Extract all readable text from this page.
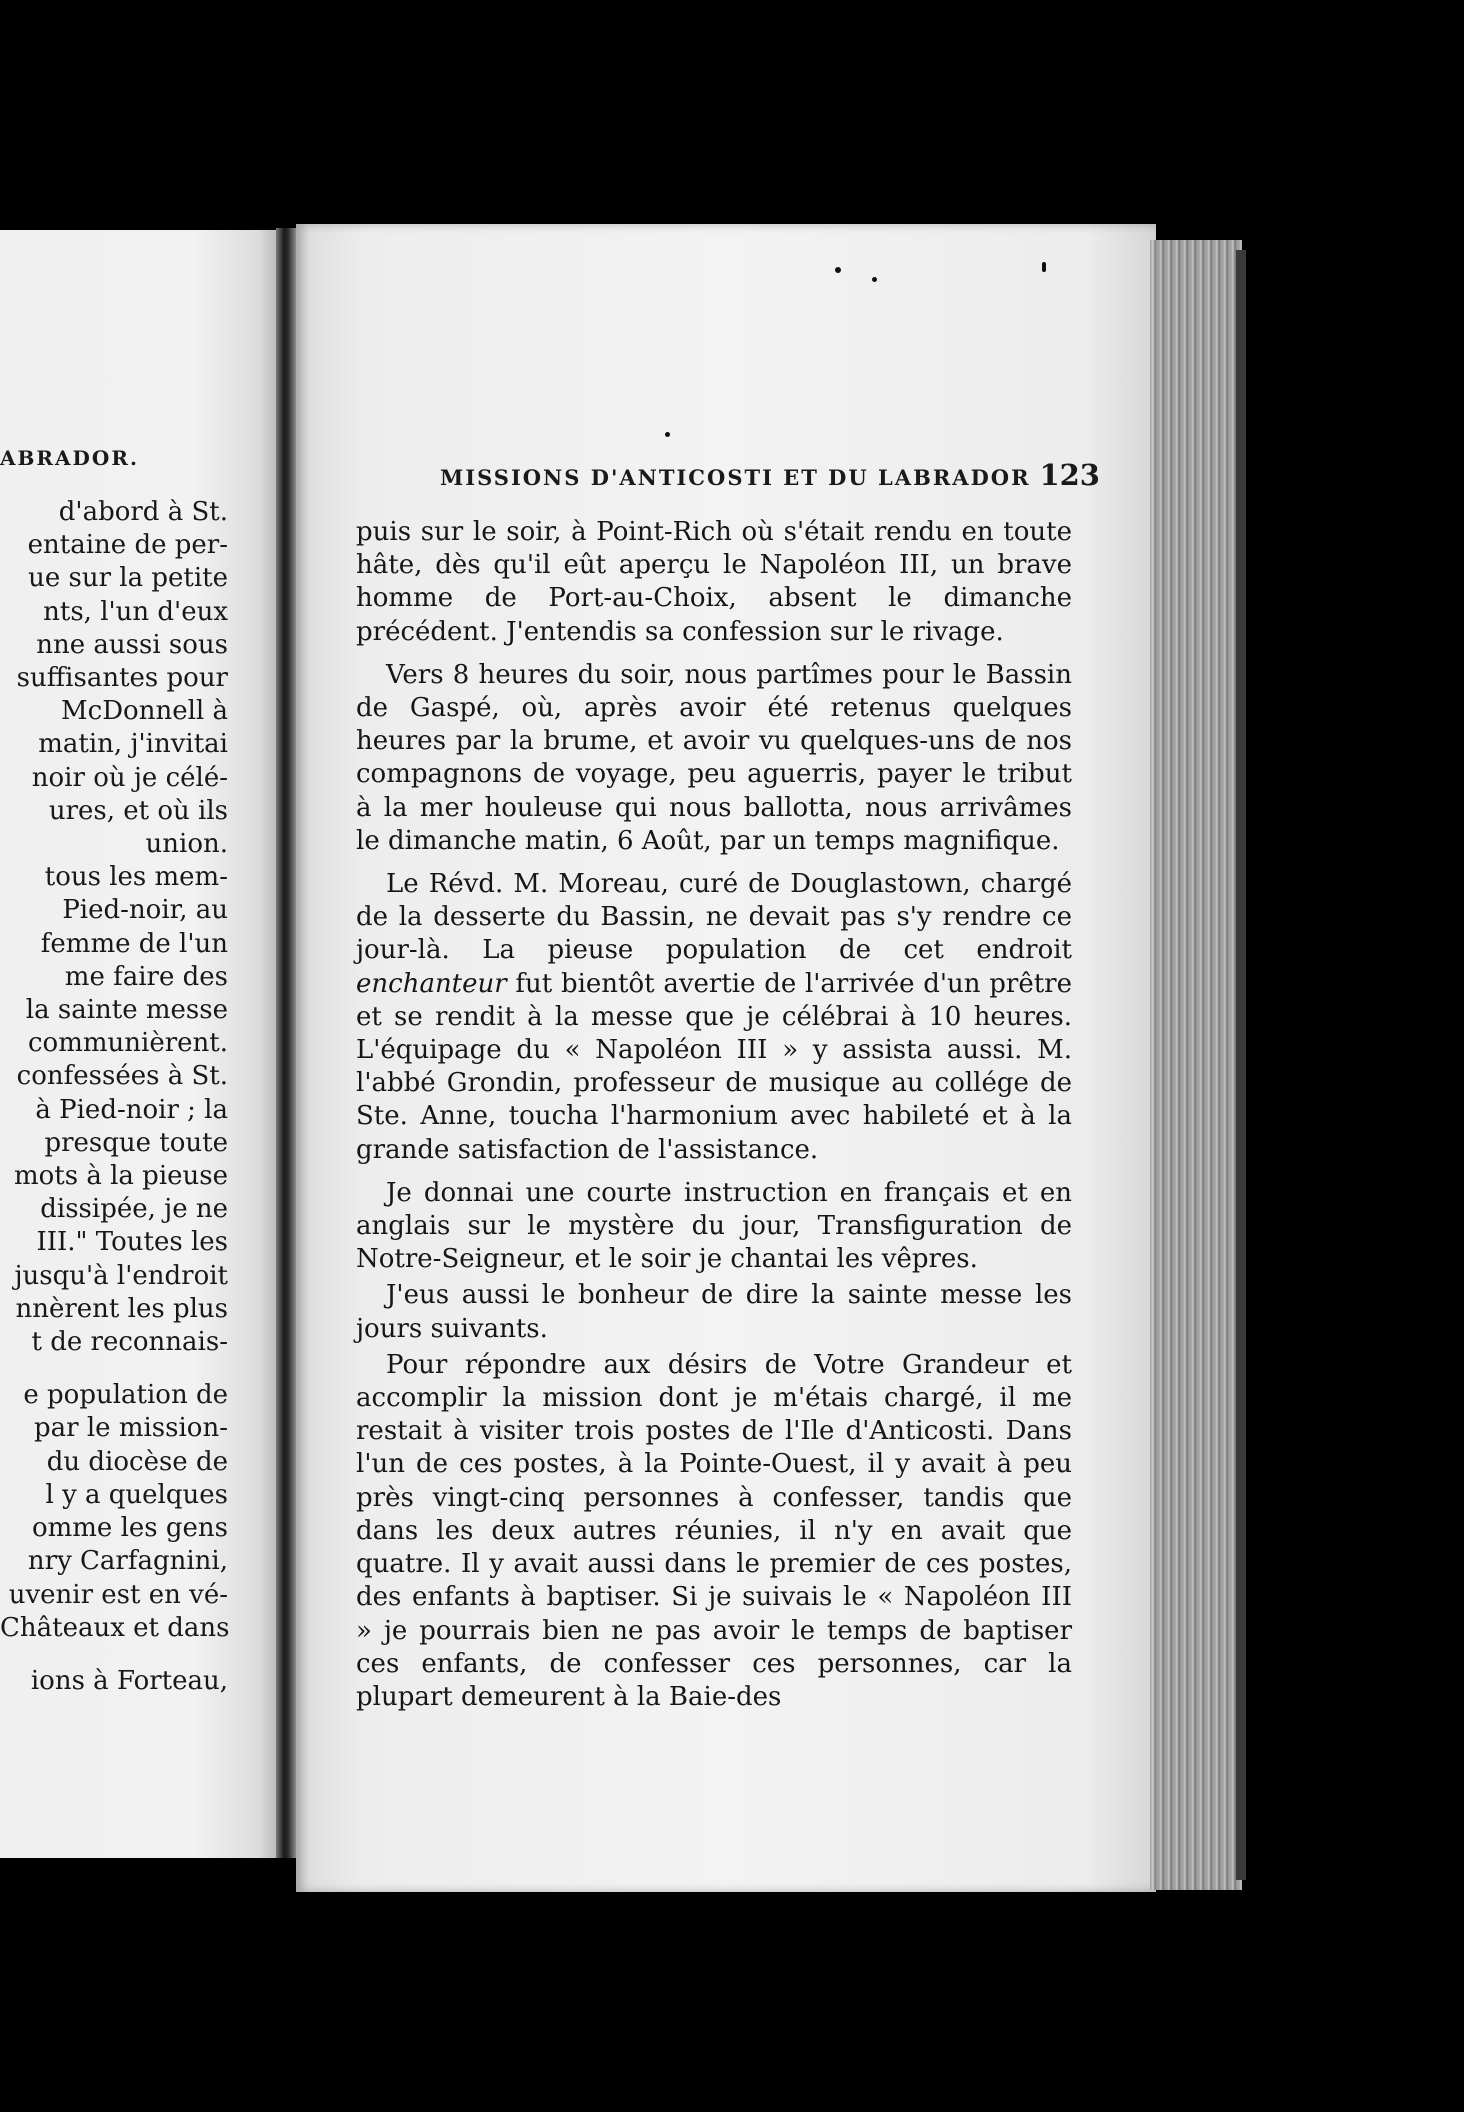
ABRADOR.
d'abord à St.
entaine de per-
ue sur la petite
nts, l'un d'eux
nne aussi sous
suffisantes pour
McDonnell à
matin, j'invitai
noir où je célé-
ures, et où ils
union.
tous les mem-
Pied-noir, au
femme de l'un
me faire des
la sainte messe
communièrent.
confessées à St.
à Pied-noir ; la
presque toute
mots à la pieuse
dissipée, je ne
III." Toutes les
jusqu'à l'endroit
nnèrent les plus
t de reconnais-
e population de
par le mission-
du diocèse de
l y a quelques
omme les gens
nry Carfagnini,
uvenir est en vé-
Châteaux et dans
ions à Forteau,
MISSIONS D'ANTICOSTI ET DU LABRADOR 123

puis sur le soir, à Point-Rich où s'était rendu en toute hâte, dès qu'il eût aperçu le Napoléon III, un brave homme de Port-au-Choix, absent le dimanche précédent. J'entendis sa confession sur le rivage.

Vers 8 heures du soir, nous partîmes pour le Bassin de Gaspé, où, après avoir été retenus quelques heures par la brume, et avoir vu quelques-uns de nos compagnons de voyage, peu aguerris, payer le tribut à la mer houleuse qui nous ballotta, nous arrivâmes le dimanche matin, 6 Août, par un temps magnifique.

Le Révd. M. Moreau, curé de Douglastown, chargé de la desserte du Bassin, ne devait pas s'y rendre ce jour-là. La pieuse population de cet endroit enchanteur fut bientôt avertie de l'arrivée d'un prêtre et se rendit à la messe que je célébrai à 10 heures. L'équipage du « Napoléon III » y assista aussi. M. l'abbé Grondin, professeur de musique au collége de Ste. Anne, toucha l'harmonium avec habileté et à la grande satisfaction de l'assistance.

Je donnai une courte instruction en français et en anglais sur le mystère du jour, Transfiguration de Notre-Seigneur, et le soir je chantai les vêpres.

J'eus aussi le bonheur de dire la sainte messe les jours suivants.

Pour répondre aux désirs de Votre Grandeur et accomplir la mission dont je m'étais chargé, il me restait à visiter trois postes de l'Ile d'Anticosti. Dans l'un de ces postes, à la Pointe-Ouest, il y avait à peu près vingt-cinq personnes à confesser, tandis que dans les deux autres réunies, il n'y en avait que quatre. Il y avait aussi dans le premier de ces postes, des enfants à baptiser. Si je suivais le « Napoléon III » je pourrais bien ne pas avoir le temps de baptiser ces enfants, de confesser ces personnes, car la plupart demeurent à la Baie-des
